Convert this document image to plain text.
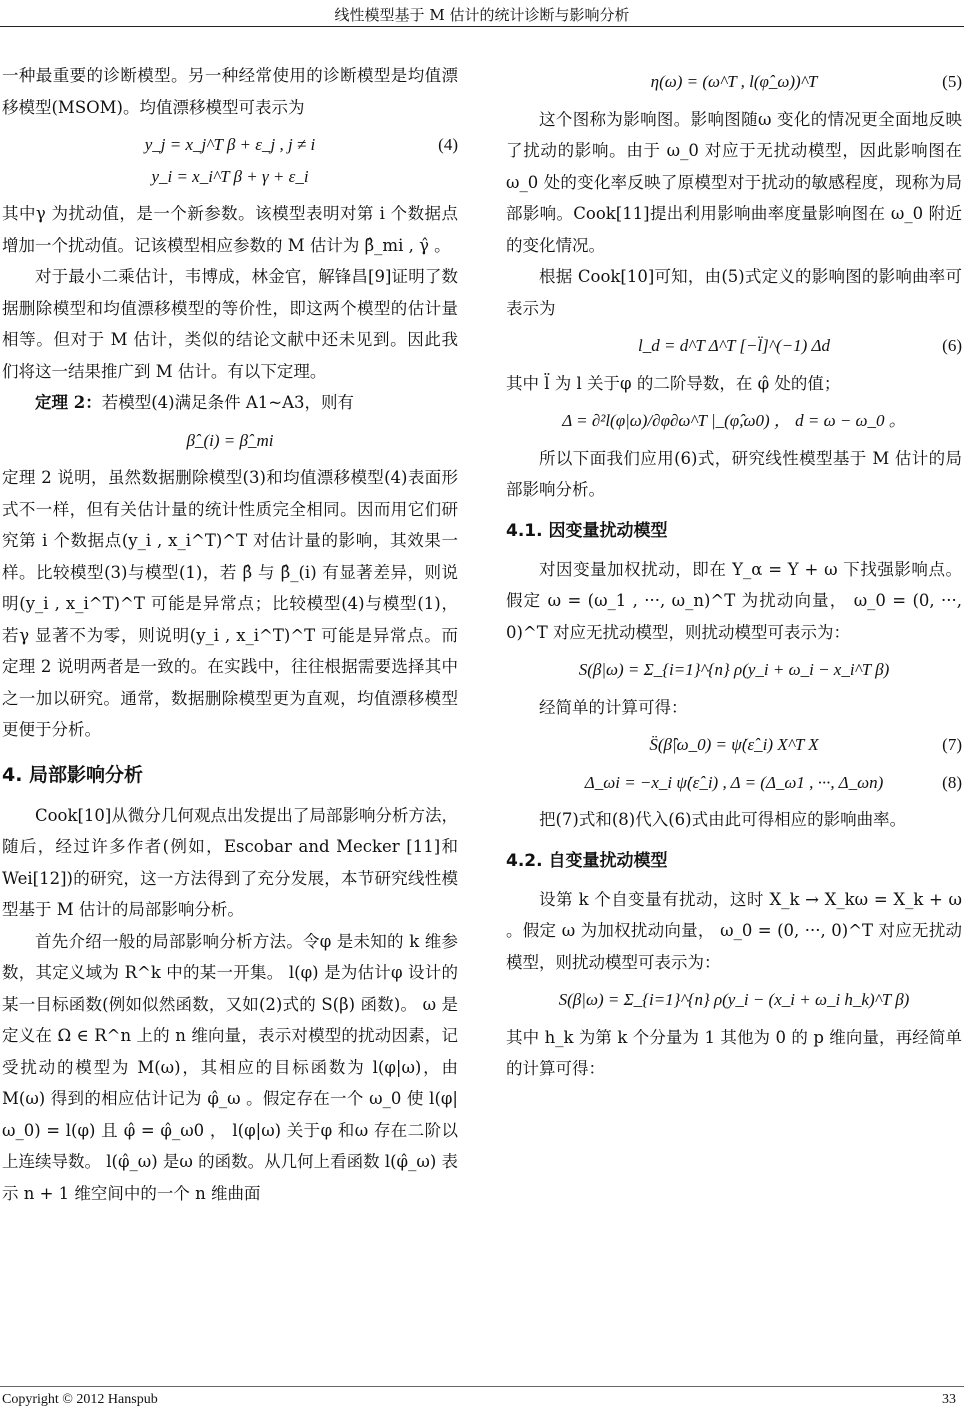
线性模型基于 M 估计的统计诊断与影响分析

一种最重要的诊断模型。另一种经常使用的诊断模型是均值漂移模型(MSOM)。均值漂移模型可表示为

y_j = x_j^T β + ε_j , j ≠ i
y_i = x_i^T β + γ + ε_i
(4)

其中γ 为扰动值，是一个新参数。该模型表明对第 i 个数据点增加一个扰动值。记该模型相应参数的 M 估计为 β̂_mi , γ̂ 。

对于最小二乘估计，韦博成，林金官，解锋昌[9]证明了数据删除模型和均值漂移模型的等价性，即这两个模型的估计量相等。但对于 M 估计，类似的结论文献中还未见到。因此我们将这一结果推广到 M 估计。有以下定理。

定理 2：若模型(4)满足条件 A1~A3，则有

β̂_(i) = β̂_mi

定理 2 说明，虽然数据删除模型(3)和均值漂移模型(4)表面形式不一样，但有关估计量的统计性质完全相同。因而用它们研究第 i 个数据点(y_i , x_i^T)^T 对估计量的影响，其效果一样。比较模型(3)与模型(1)，若 β̂ 与 β̂_(i) 有显著差异，则说明(y_i , x_i^T)^T 可能是异常点；比较模型(4)与模型(1)，若γ 显著不为零，则说明(y_i , x_i^T)^T 可能是异常点。而定理 2 说明两者是一致的。在实践中，往往根据需要选择其中之一加以研究。通常，数据删除模型更为直观，均值漂移模型更便于分析。

4. 局部影响分析

Cook[10]从微分几何观点出发提出了局部影响分析方法，随后，经过许多作者(例如，Escobar and Mecker [11]和 Wei[12])的研究，这一方法得到了充分发展，本节研究线性模型基于 M 估计的局部影响分析。

首先介绍一般的局部影响分析方法。令φ 是未知的 k 维参数，其定义域为 R^k 中的某一开集。 l(φ) 是为估计φ 设计的某一目标函数(例如似然函数，又如(2)式的 S(β) 函数)。 ω 是定义在 Ω ∈ R^n 上的 n 维向量，表示对模型的扰动因素，记受扰动的模型为 M(ω)，其相应的目标函数为 l(φ|ω)，由 M(ω) 得到的相应估计记为 φ̂_ω 。假定存在一个 ω_0 使 l(φ|ω_0) = l(φ) 且 φ̂ = φ̂_ω0 ， l(φ|ω) 关于φ 和ω 存在二阶以上连续导数。 l(φ̂_ω) 是ω 的函数。从几何上看函数 l(φ̂_ω) 表示 n + 1 维空间中的一个 n 维曲面

η(ω) = (ω^T , l(φ̂_ω))^T	(5)

这个图称为影响图。影响图随ω 变化的情况更全面地反映了扰动的影响。由于 ω_0 对应于无扰动模型，因此影响图在 ω_0 处的变化率反映了原模型对于扰动的敏感程度，现称为局部影响。Cook[11]提出利用影响曲率度量影响图在 ω_0 附近的变化情况。

根据 Cook[10]可知，由(5)式定义的影响图的影响曲率可表示为

l_d = d^T Δ^T [−l̈]^(−1) Δd	(6)

其中 l̈ 为 l 关于φ 的二阶导数，在 φ̂ 处的值；

Δ = ∂²l(φ|ω)/∂φ∂ω^T |_(φ̂,ω0) ， d = ω − ω_0 。

所以下面我们应用(6)式，研究线性模型基于 M 估计的局部影响分析。

4.1. 因变量扰动模型

对因变量加权扰动，即在 Y_α = Y + ω 下找强影响点。假定 ω = (ω_1 , ···, ω_n)^T 为扰动向量， ω_0 = (0, ···, 0)^T 对应无扰动模型，则扰动模型可表示为：

S(β|ω) = Σ_{i=1}^{n} ρ(y_i + ω_i − x_i^T β)

经简单的计算可得：

S̈(β̂|ω_0) = ψ̇(ε̂_i) X^T X	(7)
Δ_ωi = −x_i ψ̇(ε̂_i) , Δ = (Δ_ω1 , ···, Δ_ωn)	(8)

把(7)式和(8)代入(6)式由此可得相应的影响曲率。

4.2. 自变量扰动模型

设第 k 个自变量有扰动，这时 X_k → X_kω = X_k + ω 。假定 ω 为加权扰动向量， ω_0 = (0, ···, 0)^T 对应无扰动模型，则扰动模型可表示为：

S(β|ω) = Σ_{i=1}^{n} ρ(y_i − (x_i + ω_i h_k)^T β)

其中 h_k 为第 k 个分量为 1 其他为 0 的 p 维向量，再经简单的计算可得：

Copyright © 2012 Hanspub	33
